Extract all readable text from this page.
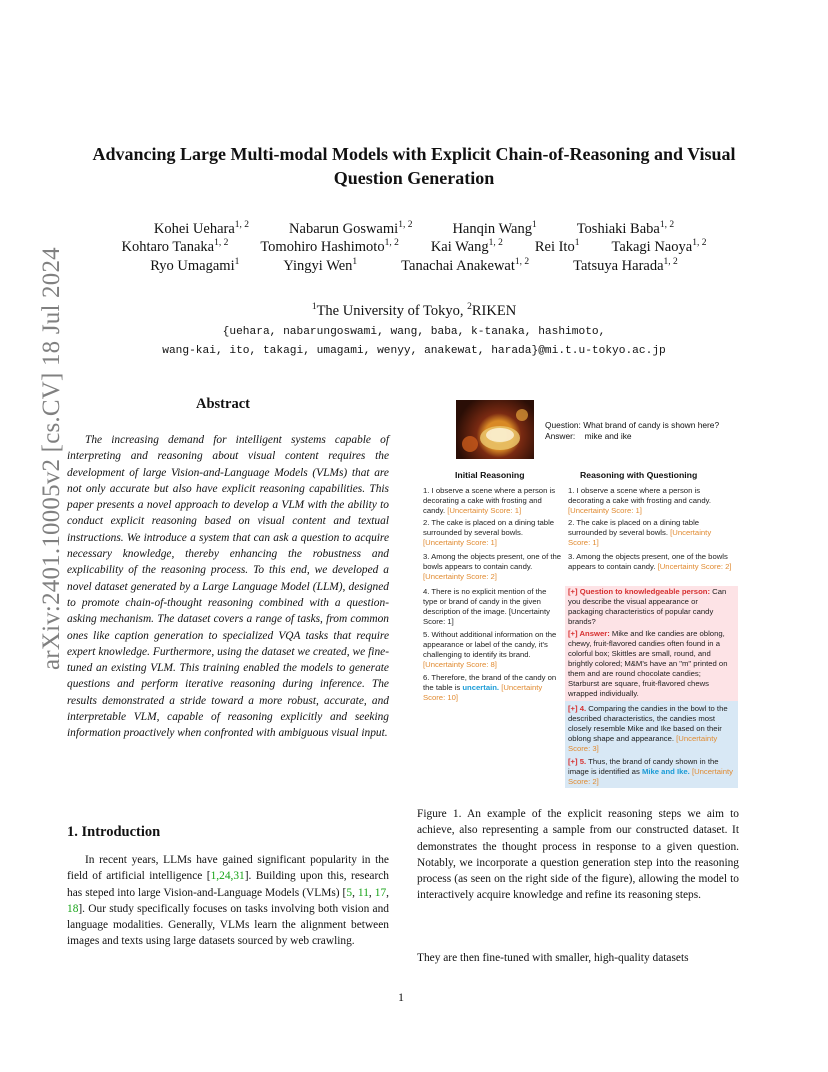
arXiv:2401.10005v2 [cs.CV] 18 Jul 2024
Advancing Large Multi-modal Models with Explicit Chain-of-Reasoning and Visual Question Generation
Kohei Uehara$^{1, 2}$	Nabarun Goswami$^{1, 2}$	Hanqin Wang$^1$	Toshiaki Baba$^{1, 2}$
Kohtaro Tanaka$^{1, 2}$ Tomohiro Hashimoto$^{1, 2}$ Kai Wang$^{1, 2}$ Rei Ito$^1$ Takagi Naoya$^{1, 2}$
Ryo Umagami$^1$	Yingyi Wen$^1$	Tanachai Anakewat$^{1, 2}$	Tatsuya Harada$^{1, 2}$
$^1$The University of Tokyo, $^2$RIKEN
{uehara, nabarungoswami, wang, baba, k-tanaka, hashimoto,
wang-kai, ito, takagi, umagami, wenyy, anakewat, harada}@mi.t.u-tokyo.ac.jp
Abstract

The increasing demand for intelligent systems capable of interpreting and reasoning about visual content requires the development of large Vision-and-Language Models (VLMs) that are not only accurate but also have explicit reasoning capabilities. This paper presents a novel approach to develop a VLM with the ability to conduct explicit reasoning based on visual content and textual instructions. We introduce a system that can ask a question to acquire necessary knowledge, thereby enhancing the robustness and explicability of the reasoning process. To this end, we developed a novel dataset generated by a Large Language Model (LLM), designed to promote chain-of-thought reasoning combined with a question-asking mechanism. The dataset covers a range of tasks, from common ones like caption generation to specialized VQA tasks that require expert knowledge. Furthermore, using the dataset we created, we fine-tuned an existing VLM. This training enabled the models to generate questions and perform iterative reasoning during inference. The results demonstrated a stride toward a more robust, accurate, and interpretable VLM, capable of reasoning explicitly and seeking information proactively when confronted with ambiguous visual input.

1. Introduction

In recent years, LLMs have gained significant popularity in the field of artificial intelligence [1,24,31]. Building upon this, research has steped into large Vision-and-Language Models (VLMs) [5, 11, 17, 18]. Our study specifically focuses on tasks involving both vision and language modalities. Generally, VLMs learn the alignment between images and texts using large datasets sourced by web crawling.

Question: What brand of candy is shown here?
Answer: mike and ike
Initial Reasoning	Reasoning with Questioning

1. I observe a scene where a person is decorating a cake with frosting and candy. [Uncertainty Score: 1]

2. The cake is placed on a dining table surrounded by several bowls. [Uncertainty Score: 1]

3. Among the objects present, one of the bowls appears to contain candy. [Uncertainty Score: 2]

4. There is no explicit mention of the type or brand of candy in the given description of the image. [Uncertainty Score: 1]

5. Without additional information on the appearance or label of the candy, it's challenging to identify its brand. [Uncertainty Score: 8]

6. Therefore, the brand of the candy on the table is uncertain. [Uncertainty Score: 10]

1. I observe a scene where a person is decorating a cake with frosting and candy. [Uncertainty Score: 1]

2. The cake is placed on a dining table surrounded by several bowls. [Uncertainty Score: 1]

3. Among the objects present, one of the bowls appears to contain candy. [Uncertainty Score: 2]

[+] Question to knowledgeable person: Can you describe the visual appearance or packaging characteristics of popular candy brands?

[+] Answer: Mike and Ike candies are oblong, chewy, fruit-flavored candies often found in a colorful box; Skittles are small, round, and brightly colored; M&M's have an "m" printed on them and are round chocolate candies; Starburst are square, fruit-flavored chews wrapped individually.

[+] 4. Comparing the candies in the bowl to the described characteristics, the candies most closely resemble Mike and Ike based on their oblong shape and appearance. [Uncertainty Score: 3]

[+] 5. Thus, the brand of candy shown in the image is identified as Mike and Ike. [Uncertainty Score: 2]

Figure 1. An example of the explicit reasoning steps we aim to achieve, also representing a sample from our constructed dataset. It demonstrates the thought process in response to a given question. Notably, we incorporate a question generation step into the reasoning process (as seen on the right side of the figure), allowing the model to interactively acquire knowledge and refine its reasoning steps.

They are then fine-tuned with smaller, high-quality datasets

1
